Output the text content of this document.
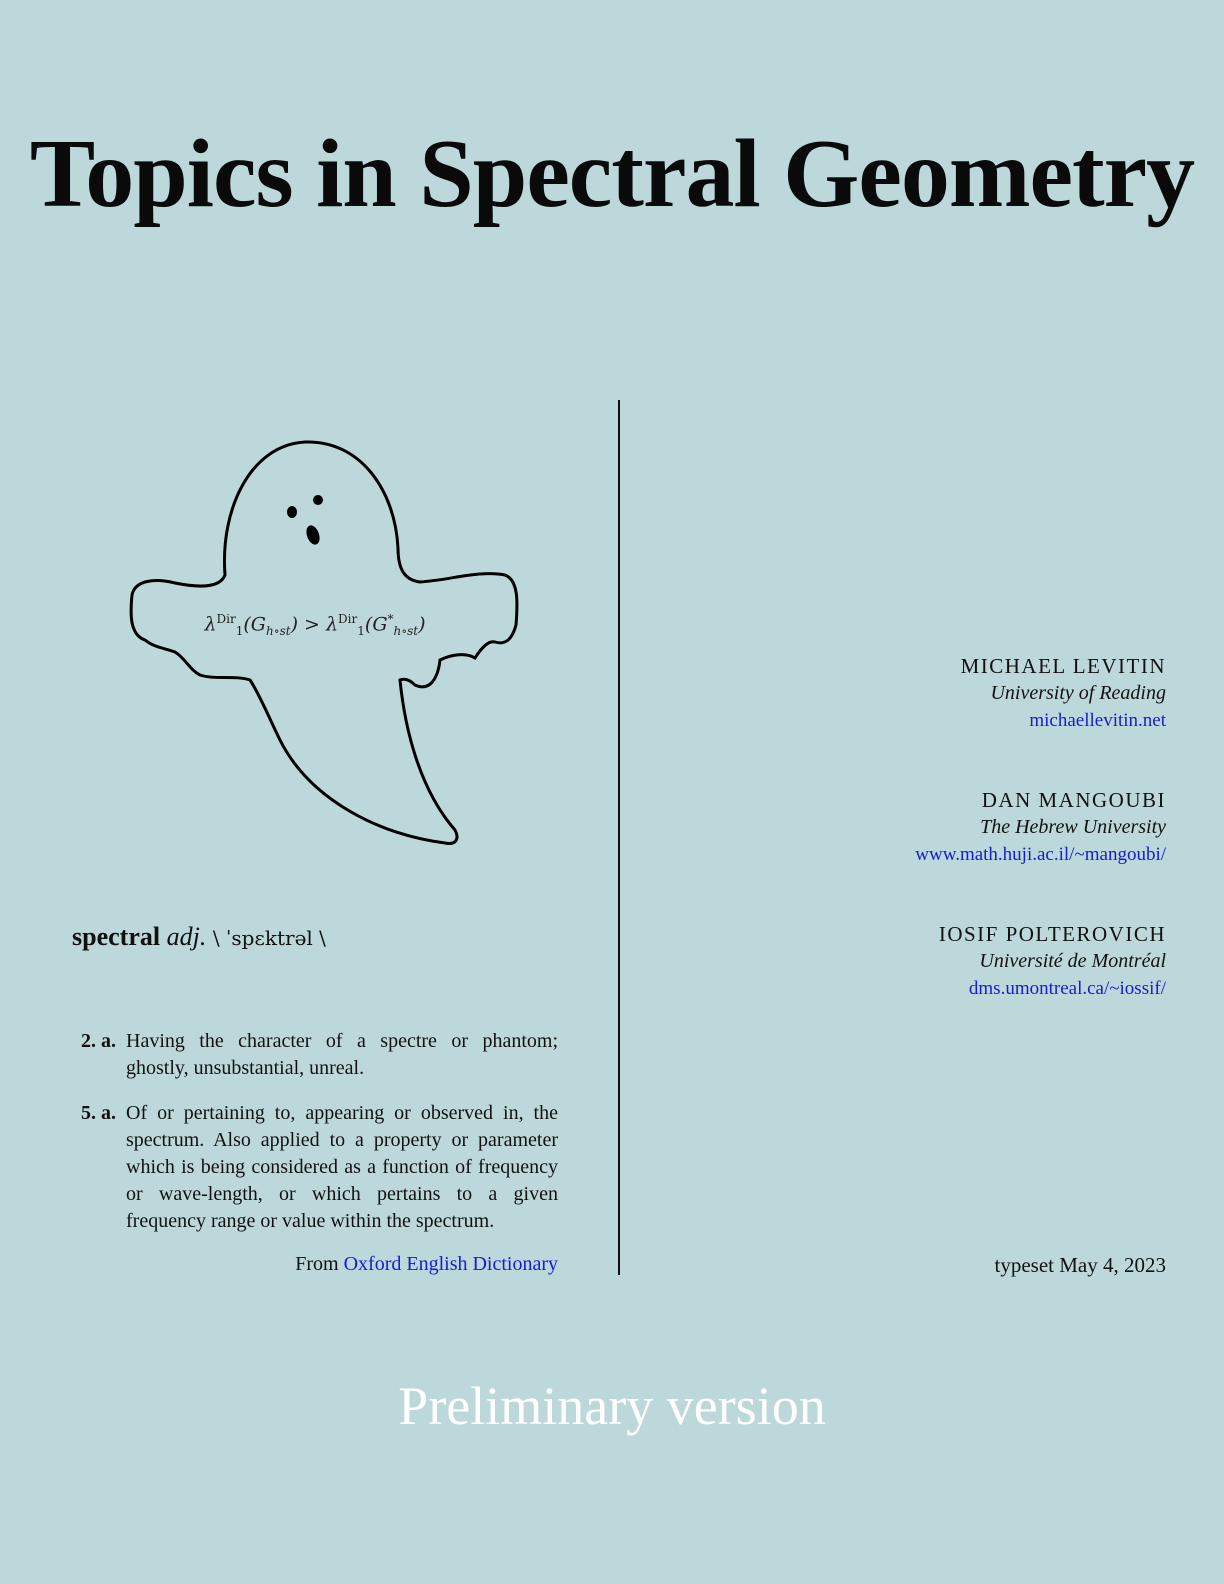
Topics in Spectral Geometry
$\lambda^{Dir}_1(G_{h\circ st}) > \lambda^{Dir}_1(G^*_{h\circ st})$
spectral adj. \ ˈspɛktrəl \
2. a. Having the character of a spectre or phantom; ghostly, unsubstantial, unreal.
5. a. Of or pertaining to, appearing or observed in, the spectrum. Also applied to a property or parameter which is being considered as a function of frequency or wave-length, or which pertains to a given frequency range or value within the spectrum.
From Oxford English Dictionary
MICHAEL LEVITIN
University of Reading
michaellevitin.net
DAN MANGOUBI
The Hebrew University
www.math.huji.ac.il/~mangoubi/
IOSIF POLTEROVICH
Université de Montréal
dms.umontreal.ca/~iossif/
typeset May 4, 2023
Preliminary version
